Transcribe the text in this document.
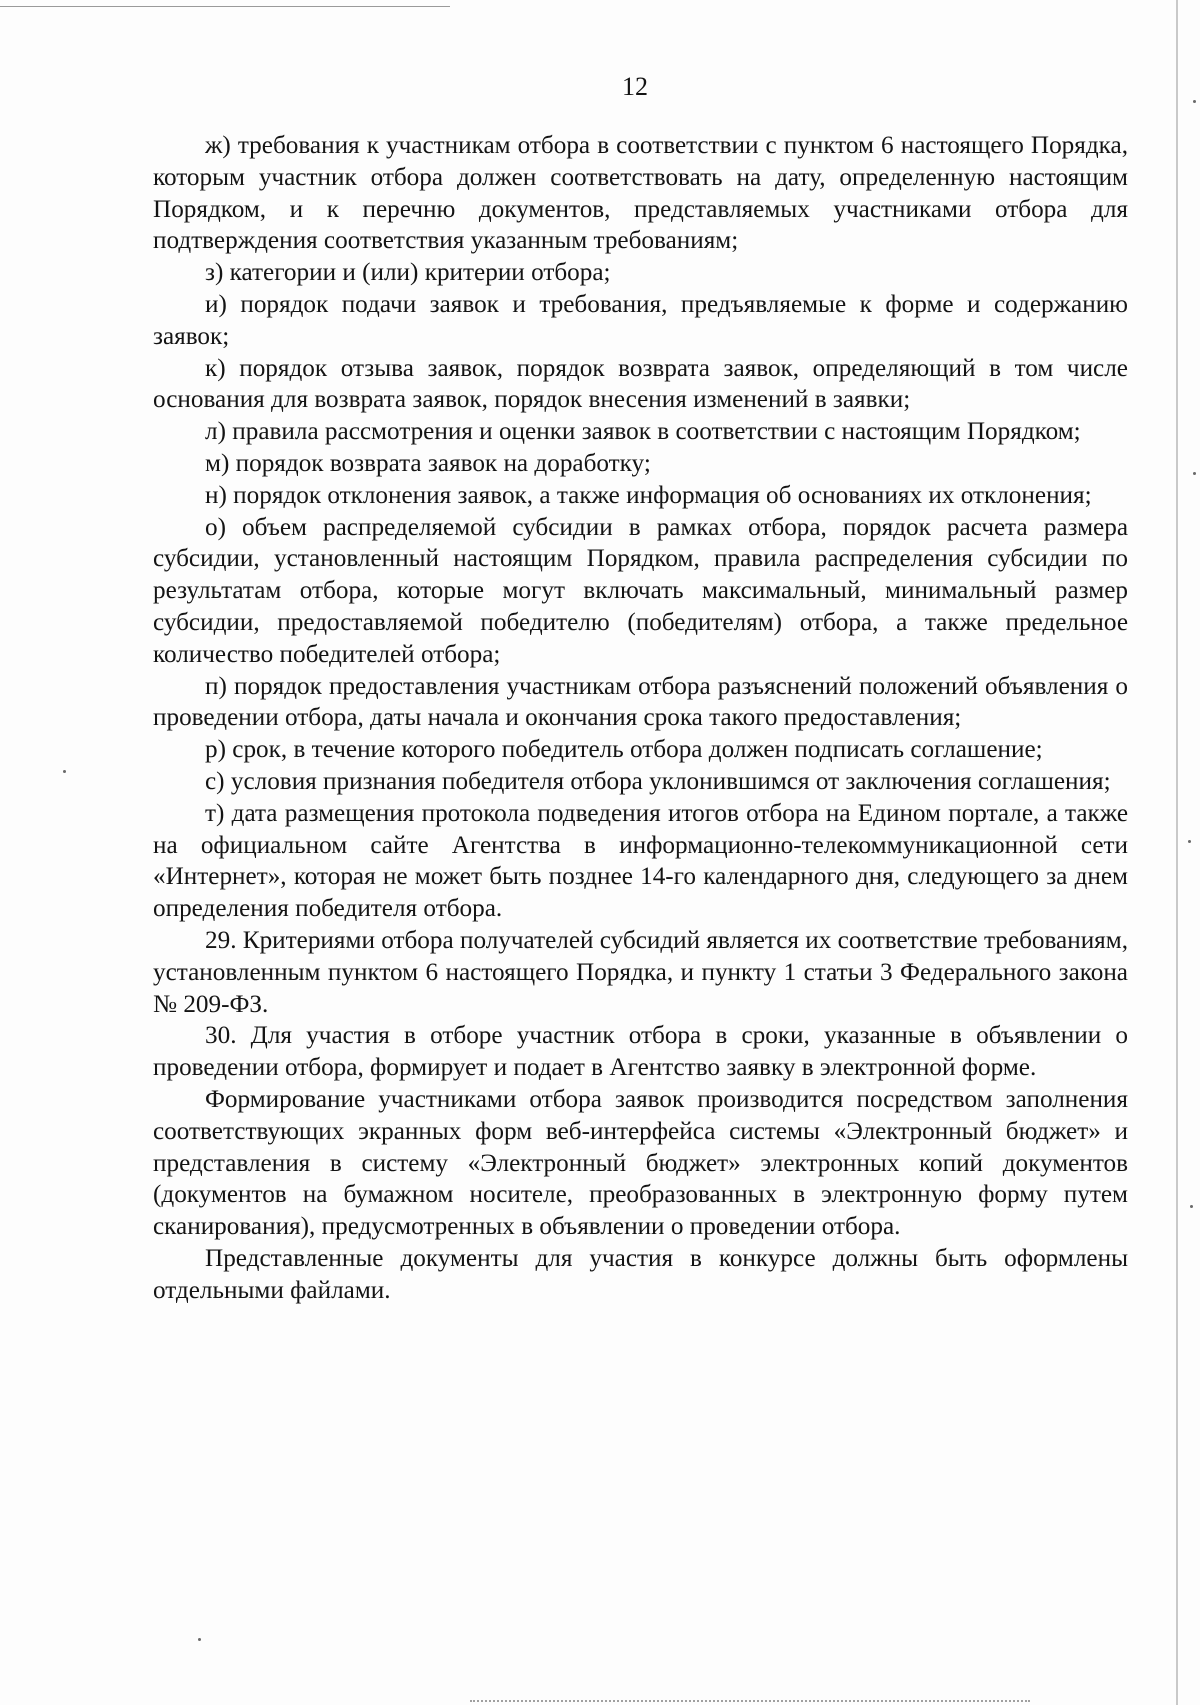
12

ж) требования к участникам отбора в соответствии с пунктом 6 настоящего Порядка, которым участник отбора должен соответствовать на дату, определенную настоящим Порядком, и к перечню документов, представляемых участниками отбора для подтверждения соответствия указанным требованиям;

з) категории и (или) критерии отбора;

и) порядок подачи заявок и требования, предъявляемые к форме и содержанию заявок;

к) порядок отзыва заявок, порядок возврата заявок, определяющий в том числе основания для возврата заявок, порядок внесения изменений в заявки;

л) правила рассмотрения и оценки заявок в соответствии с настоящим Порядком;

м) порядок возврата заявок на доработку;

н) порядок отклонения заявок, а также информация об основаниях их отклонения;

о) объем распределяемой субсидии в рамках отбора, порядок расчета размера субсидии, установленный настоящим Порядком, правила распределения субсидии по результатам отбора, которые могут включать максимальный, минимальный размер субсидии, предоставляемой победителю (победителям) отбора, а также предельное количество победителей отбора;

п) порядок предоставления участникам отбора разъяснений положений объявления о проведении отбора, даты начала и окончания срока такого предоставления;

р) срок, в течение которого победитель отбора должен подписать соглашение;

с) условия признания победителя отбора уклонившимся от заключения соглашения;

т) дата размещения протокола подведения итогов отбора на Едином портале, а также на официальном сайте Агентства в информационно-телекоммуникационной сети «Интернет», которая не может быть позднее 14-го календарного дня, следующего за днем определения победителя отбора.

29. Критериями отбора получателей субсидий является их соответствие требованиям, установленным пунктом 6 настоящего Порядка, и пункту 1 статьи 3 Федерального закона № 209-ФЗ.

30. Для участия в отборе участник отбора в сроки, указанные в объявлении о проведении отбора, формирует и подает в Агентство заявку в электронной форме.

Формирование участниками отбора заявок производится посредством заполнения соответствующих экранных форм веб-интерфейса системы «Электронный бюджет» и представления в систему «Электронный бюджет» электронных копий документов (документов на бумажном носителе, преобразованных в электронную форму путем сканирования), предусмотренных в объявлении о проведении отбора.

Представленные документы для участия в конкурсе должны быть оформлены отдельными файлами.
